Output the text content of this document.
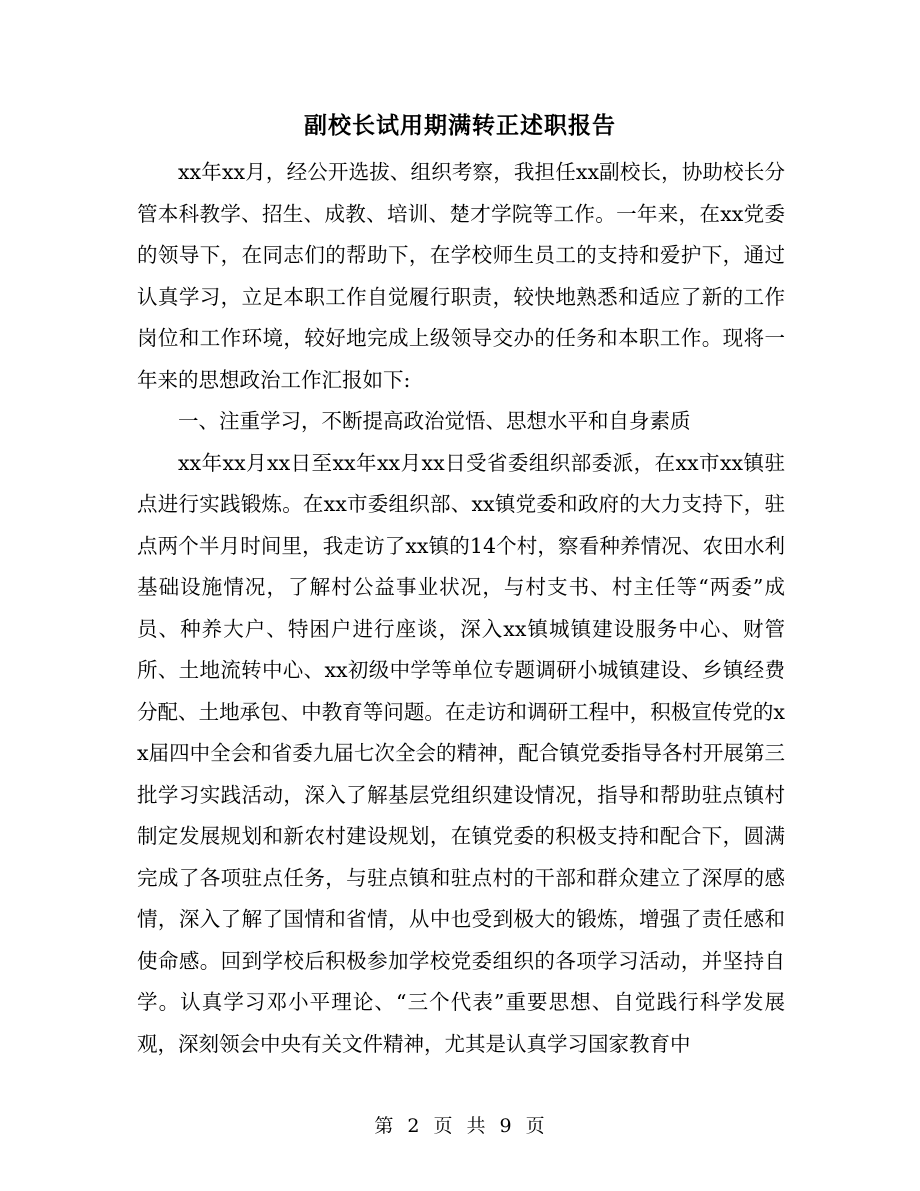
副校长试用期满转正述职报告

xx年xx月，经公开选拔、组织考察，我担任xx副校长，协助校长分管本科教学、招生、成教、培训、楚才学院等工作。一年来，在xx党委的领导下，在同志们的帮助下，在学校师生员工的支持和爱护下，通过认真学习，立足本职工作自觉履行职责，较快地熟悉和适应了新的工作岗位和工作环境，较好地完成上级领导交办的任务和本职工作。现将一年来的思想政治工作汇报如下:

一、注重学习，不断提高政治觉悟、思想水平和自身素质

xx年xx月xx日至xx年xx月xx日受省委组织部委派，在xx市xx镇驻点进行实践锻炼。在xx市委组织部、xx镇党委和政府的大力支持下，驻点两个半月时间里，我走访了xx镇的14个村，察看种养情况、农田水利基础设施情况，了解村公益事业状况，与村支书、村主任等“两委”成员、种养大户、特困户进行座谈，深入xx镇城镇建设服务中心、财管所、土地流转中心、xx初级中学等单位专题调研小城镇建设、乡镇经费分配、土地承包、中教育等问题。在走访和调研工程中，积极宣传党的xx届四中全会和省委九届七次全会的精神，配合镇党委指导各村开展第三批学习实践活动，深入了解基层党组织建设情况，指导和帮助驻点镇村制定发展规划和新农村建设规划，在镇党委的积极支持和配合下，圆满完成了各项驻点任务，与驻点镇和驻点村的干部和群众建立了深厚的感情，深入了解了国情和省情，从中也受到极大的锻炼，增强了责任感和使命感。回到学校后积极参加学校党委组织的各项学习活动，并坚持自学。认真学习邓小平理论、“三个代表”重要思想、自觉践行科学发展观，深刻领会中央有关文件精神，尤其是认真学习国家教育中

第 2 页 共 9 页
